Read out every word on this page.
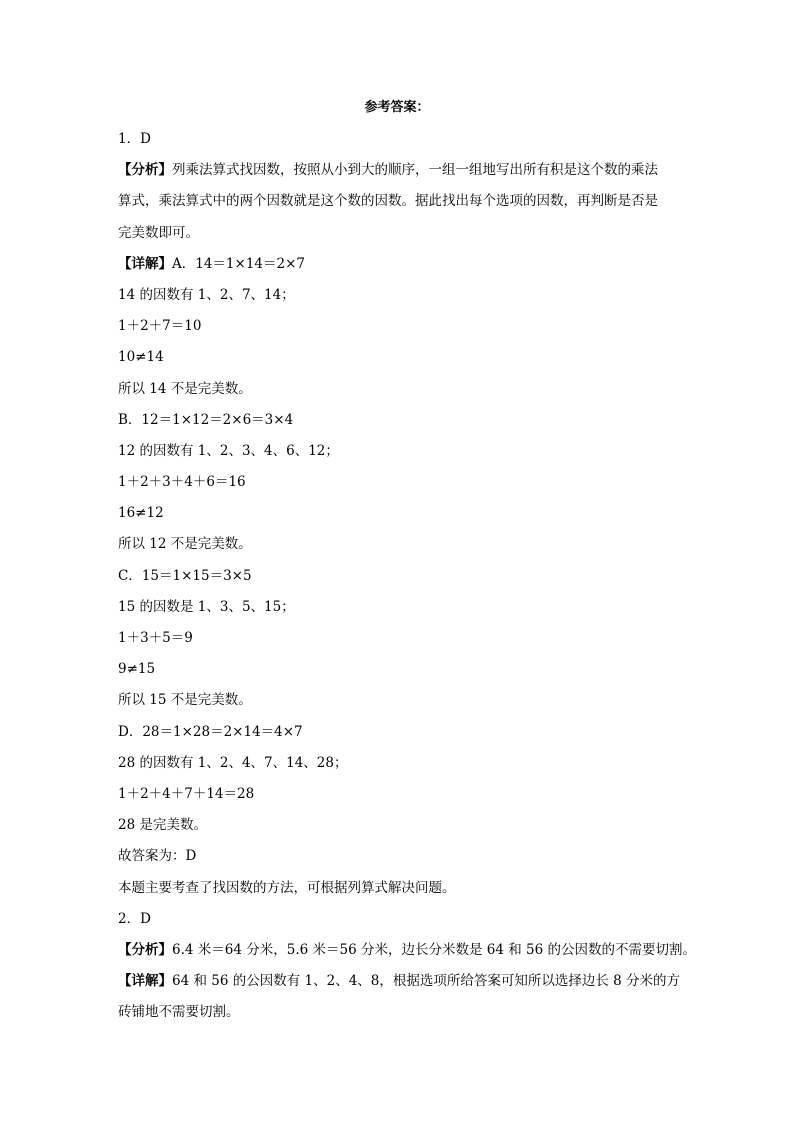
参考答案：
1．D
【分析】列乘法算式找因数，按照从小到大的顺序，一组一组地写出所有积是这个数的乘法
算式，乘法算式中的两个因数就是这个数的因数。据此找出每个选项的因数，再判断是否是
完美数即可。
【详解】A．14＝1×14＝2×7
14 的因数有 1、2、7、14；
1＋2＋7＝10
10≠14
所以 14 不是完美数。
B．12＝1×12＝2×6＝3×4
12 的因数有 1、2、3、4、6、12；
1＋2＋3＋4＋6＝16
16≠12
所以 12 不是完美数。
C．15＝1×15＝3×5
15 的因数是 1、3、5、15；
1＋3＋5＝9
9≠15
所以 15 不是完美数。
D．28＝1×28＝2×14＝4×7
28 的因数有 1、2、4、7、14、28；
1＋2＋4＋7＋14＝28
28 是完美数。
故答案为：D
本题主要考查了找因数的方法，可根据列算式解决问题。
2．D
【分析】6.4 米＝64 分米，5.6 米＝56 分米，边长分米数是 64 和 56 的公因数的不需要切割。
【详解】64 和 56 的公因数有 1、2、4、8，根据选项所给答案可知所以选择边长 8 分米的方
砖铺地不需要切割。
